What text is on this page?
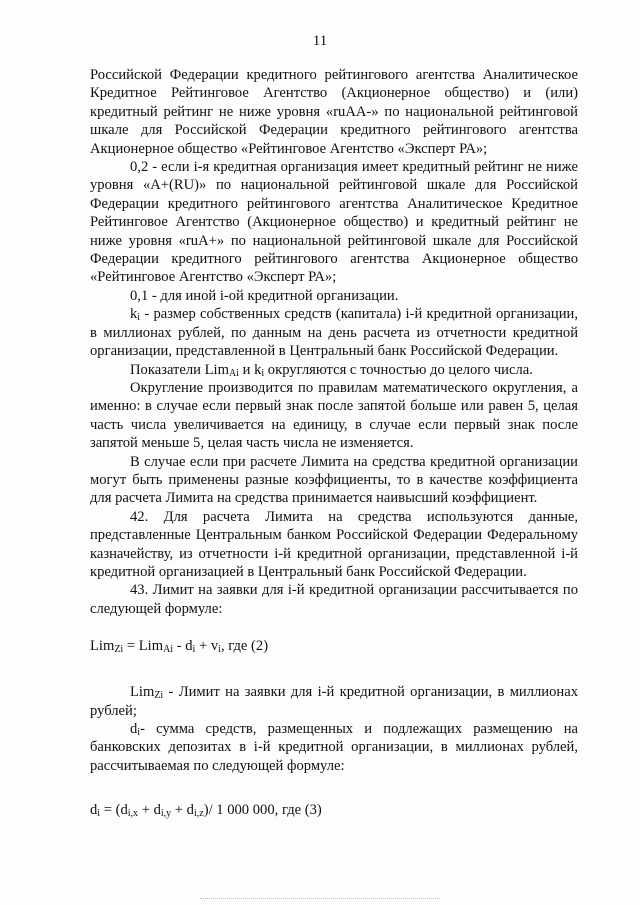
11

Российской Федерации кредитного рейтингового агентства Аналитическое Кредитное Рейтинговое Агентство (Акционерное общество) и (или) кредитный рейтинг не ниже уровня «ruAA-» по национальной рейтинговой шкале для Российской Федерации кредитного рейтингового агентства Акционерное общество «Рейтинговое Агентство «Эксперт РА»;

0,2 - если i-я кредитная организация имеет кредитный рейтинг не ниже уровня «A+(RU)» по национальной рейтинговой шкале для Российской Федерации кредитного рейтингового агентства Аналитическое Кредитное Рейтинговое Агентство (Акционерное общество) и кредитный рейтинг не ниже уровня «ruA+» по национальной рейтинговой шкале для Российской Федерации кредитного рейтингового агентства Акционерное общество «Рейтинговое Агентство «Эксперт РА»;

0,1 - для иной i-ой кредитной организации.

$k_i$ - размер собственных средств (капитала) i-й кредитной организации, в миллионах рублей, по данным на день расчета из отчетности кредитной организации, представленной в Центральный банк Российской Федерации.

Показатели Lim$_{Ai}$ и $k_i$ округляются с точностью до целого числа.

Округление производится по правилам математического округления, а именно: в случае если первый знак после запятой больше или равен 5, целая часть числа увеличивается на единицу, в случае если первый знак после запятой меньше 5, целая часть числа не изменяется.

В случае если при расчете Лимита на средства кредитной организации могут быть применены разные коэффициенты, то в качестве коэффициента для расчета Лимита на средства принимается наивысший коэффициент.

42. Для расчета Лимита на средства используются данные, представленные Центральным банком Российской Федерации Федеральному казначейству, из отчетности i-й кредитной организации, представленной i-й кредитной организацией в Центральный банк Российской Федерации.

43. Лимит на заявки для i-й кредитной организации рассчитывается по следующей формуле:

$Lim_{Zi} = Lim_{Ai} - d_i + v_i$, где (2)

Lim$_{Zi}$ - Лимит на заявки для i-й кредитной организации, в миллионах рублей;

$d_i-$ сумма средств, размещенных и подлежащих размещению на банковских депозитах в i-й кредитной организации, в миллионах рублей, рассчитываемая по следующей формуле:

$d_i = (d_{i,x} + d_{i,y} + d_{i,z})/$ 1 000 000, где (3)
